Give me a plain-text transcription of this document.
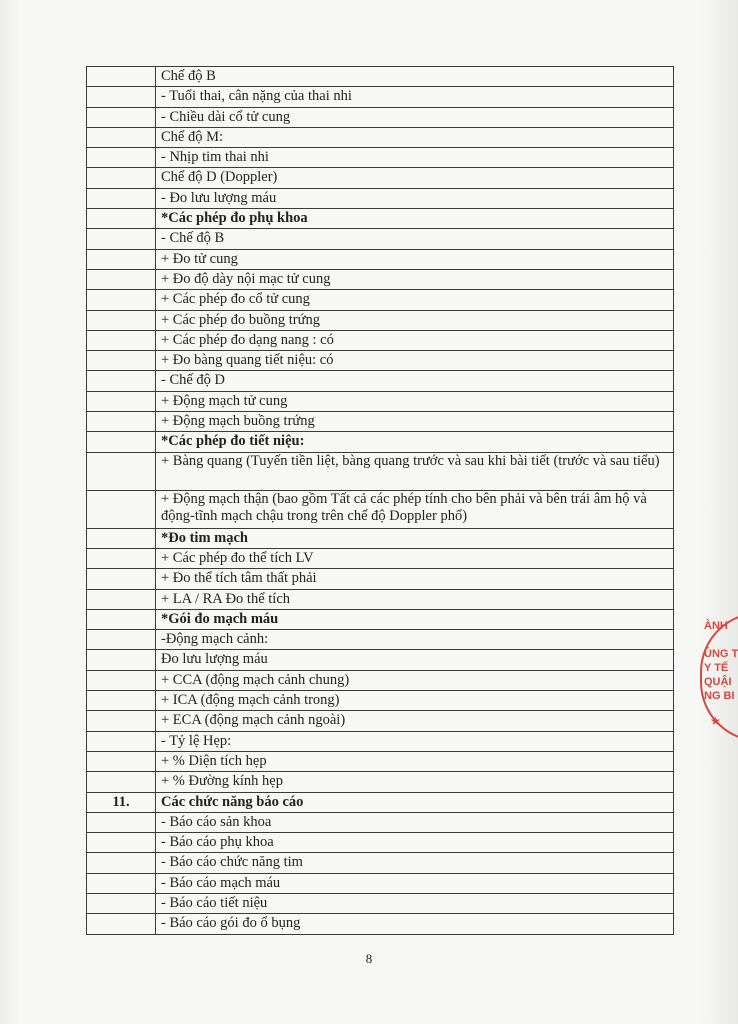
	Chế độ B
	- Tuổi thai, cân nặng của thai nhi
	- Chiều dài cổ tử cung
	Chế độ M:
	- Nhịp tim thai nhi
	Chế độ D (Doppler)
	- Đo lưu lượng máu
	*Các phép đo phụ khoa
	- Chế độ B
	+ Đo tử cung
	+ Đo độ dày nội mạc tử cung
	+ Các phép đo cổ tử cung
	+ Các phép đo buồng trứng
	+ Các phép đo dạng nang : có
	+ Đo bàng quang tiết niệu: có
	- Chế độ D
	+ Động mạch tử cung
	+ Động mạch buồng trứng
	*Các phép đo tiết niệu:
	+ Bàng quang (Tuyến tiền liệt, bàng quang trước và sau khi bài tiết (trước và sau tiểu)
	+ Động mạch thận (bao gồm Tất cả các phép tính cho bên phải và bên trái âm hộ và động-tĩnh mạch chậu trong trên chế độ Doppler phổ)
	*Đo tim mạch
	+ Các phép đo thể tích LV
	+ Đo thể tích tâm thất phải
	+ LA / RA Đo thể tích
	*Gói đo mạch máu
	-Động mạch cảnh:
	Đo lưu lượng máu
	+ CCA (động mạch cảnh chung)
	+ ICA (động mạch cảnh trong)
	+ ECA (động mạch cảnh ngoài)
	- Tỷ lệ Hẹp:
	+ % Diện tích hẹp
	+ % Đường kính hẹp
11.	Các chức năng báo cáo
	- Báo cáo sản khoa
	- Báo cáo phụ khoa
	- Báo cáo chức năng tim
	- Báo cáo mạch máu
	- Báo cáo tiết niệu
	- Báo cáo gói đo ổ bụng
8
ÀNH
ỦNG T
Y TẾ
QUẬI
NG BI
★
